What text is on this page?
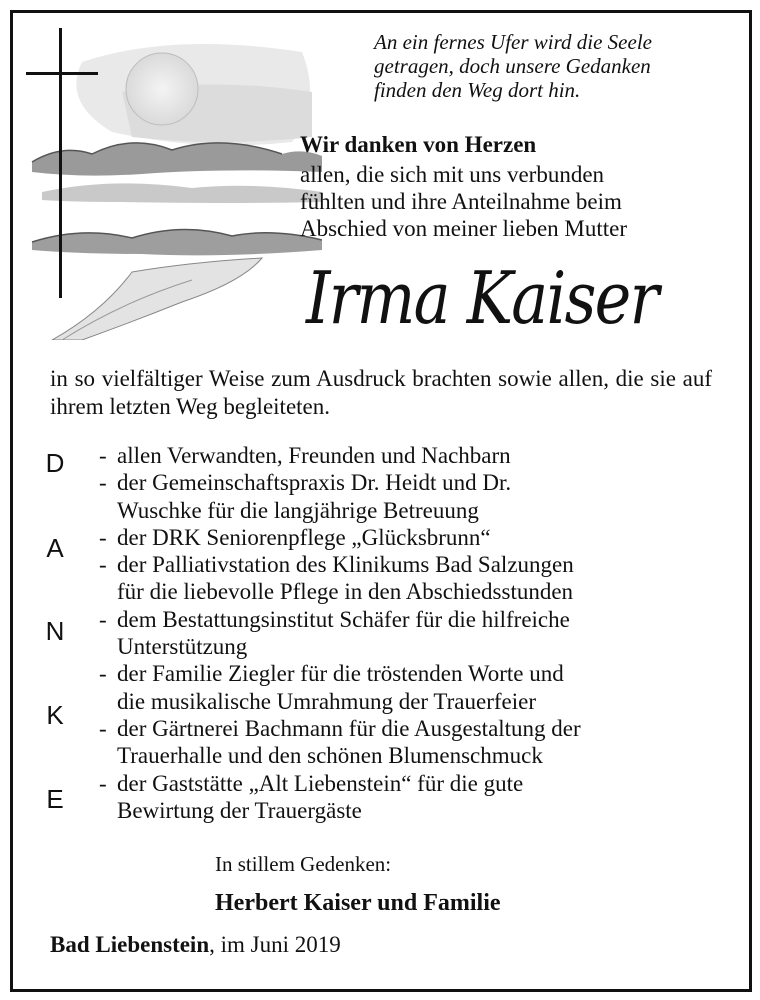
An ein fernes Ufer wird die Seele
getragen, doch unsere Gedanken
finden den Weg dort hin.
Wir danken von Herzen
allen, die sich mit uns verbunden
fühlten und ihre Anteilnahme beim
Abschied von meiner lieben Mutter
Irma Kaiser
in so vielfältiger Weise zum Ausdruck brachten sowie allen, die sie auf ihrem letzten Weg begleiteten.
D
A
N
K
E
- allen Verwandten, Freunden und Nachbarn
- der Gemeinschaftspraxis Dr. Heidt und Dr.
Wuschke für die langjährige Betreuung
- der DRK Seniorenpflege „Glücksbrunn“
- der Palliativstation des Klinikums Bad Salzungen
für die liebevolle Pflege in den Abschiedsstunden
- dem Bestattungsinstitut Schäfer für die hilfreiche
Unterstützung
- der Familie Ziegler für die tröstenden Worte und
die musikalische Umrahmung der Trauerfeier
- der Gärtnerei Bachmann für die Ausgestaltung der
Trauerhalle und den schönen Blumenschmuck
- der Gaststätte „Alt Liebenstein“ für die gute
Bewirtung der Trauergäste
In stillem Gedenken:
Herbert Kaiser und Familie
Bad Liebenstein, im Juni 2019
